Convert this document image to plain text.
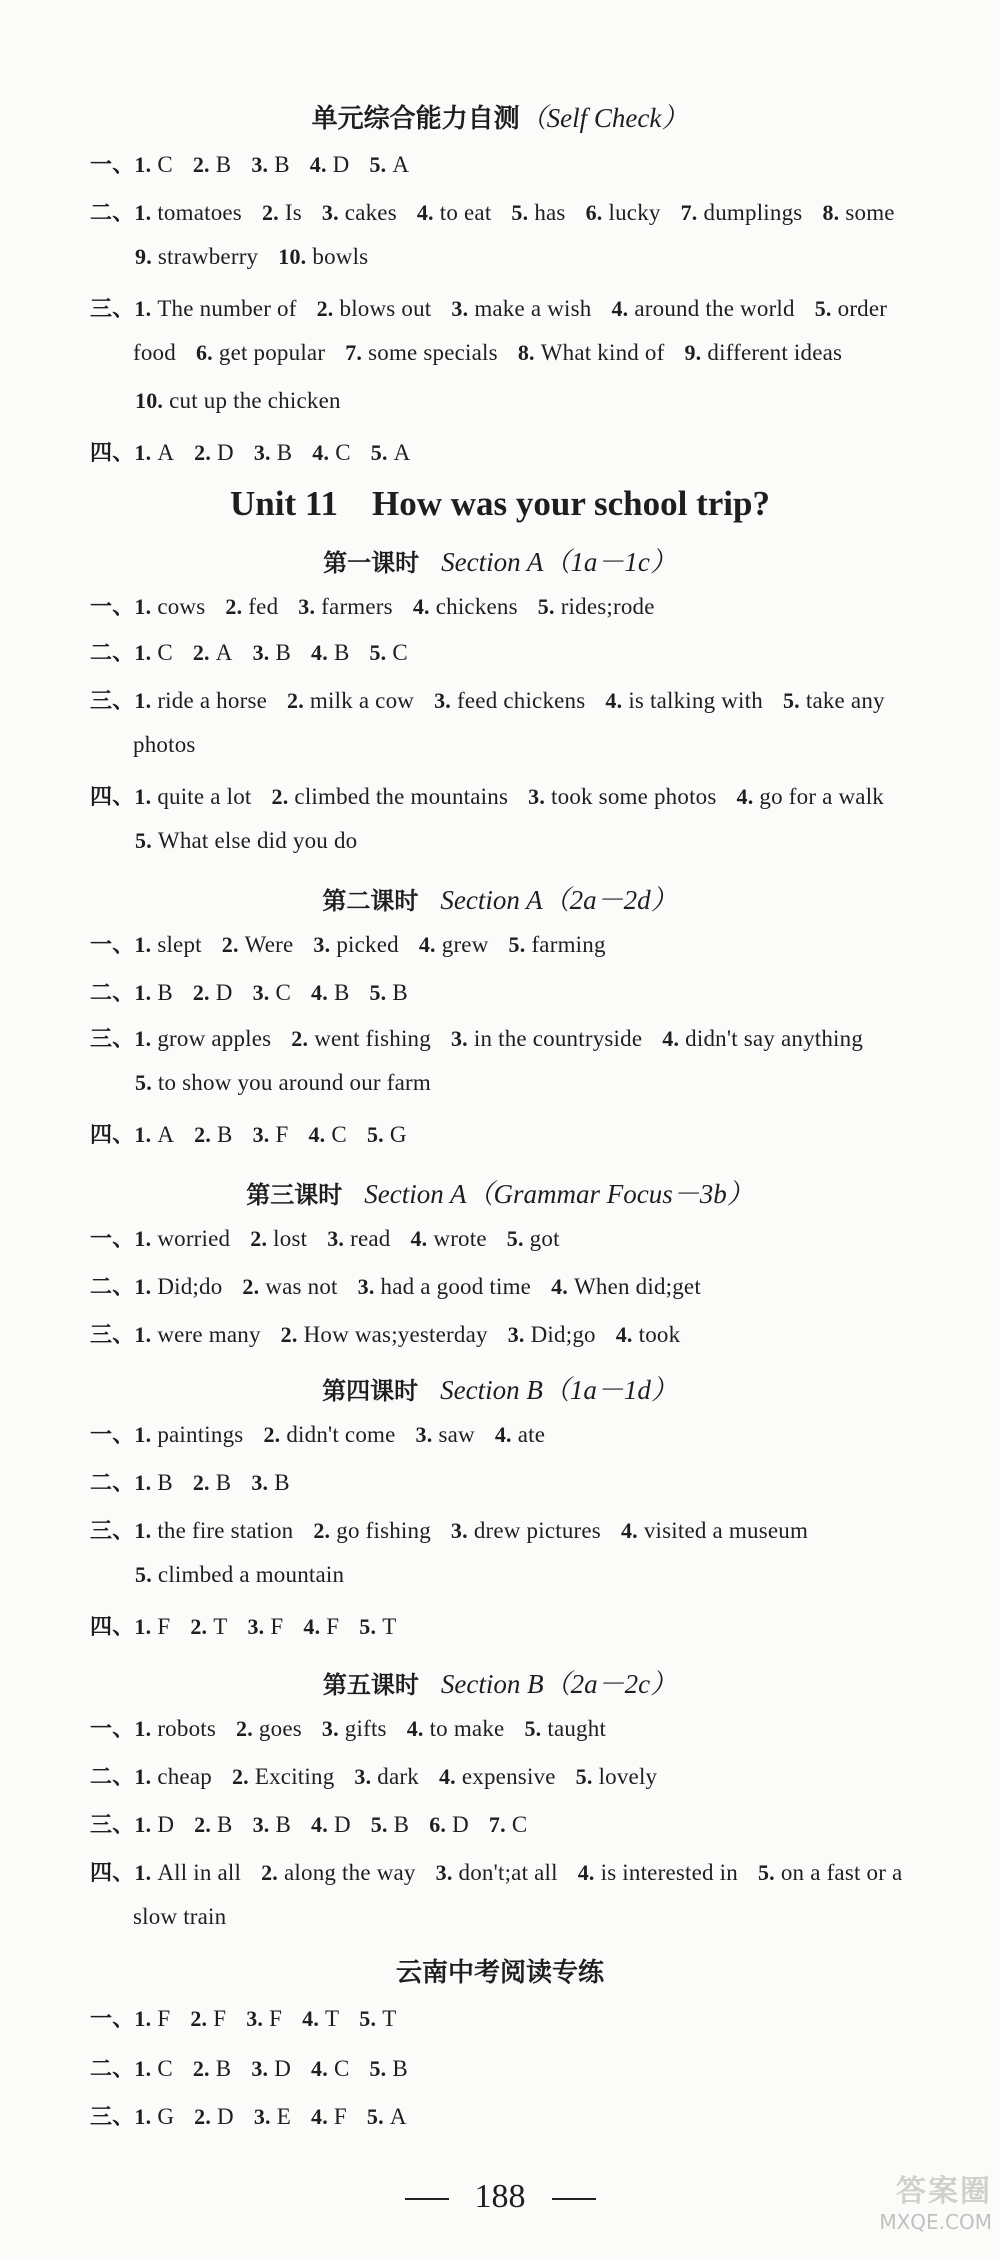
单元综合能力自测（Self Check）
一、1. C 2. B 3. B 4. D 5. A
二、1. tomatoes 2. Is 3. cakes 4. to eat 5. has 6. lucky 7. dumplings 8. some
9. strawberry 10. bowls
三、1. The number of 2. blows out 3. make a wish 4. around the world 5. order
food 6. get popular 7. some specials 8. What kind of 9. different ideas
10. cut up the chicken
四、1. A 2. D 3. B 4. C 5. A
Unit 11 How was your school trip?
第一课时 Section A（1a－1c）
一、1. cows 2. fed 3. farmers 4. chickens 5. rides;rode
二、1. C 2. A 3. B 4. B 5. C
三、1. ride a horse 2. milk a cow 3. feed chickens 4. is talking with 5. take any
photos
四、1. quite a lot 2. climbed the mountains 3. took some photos 4. go for a walk
5. What else did you do
第二课时 Section A（2a－2d）
一、1. slept 2. Were 3. picked 4. grew 5. farming
二、1. B 2. D 3. C 4. B 5. B
三、1. grow apples 2. went fishing 3. in the countryside 4. didn't say anything
5. to show you around our farm
四、1. A 2. B 3. F 4. C 5. G
第三课时 Section A（Grammar Focus－3b）
一、1. worried 2. lost 3. read 4. wrote 5. got
二、1. Did;do 2. was not 3. had a good time 4. When did;get
三、1. were many 2. How was;yesterday 3. Did;go 4. took
第四课时 Section B（1a－1d）
一、1. paintings 2. didn't come 3. saw 4. ate
二、1. B 2. B 3. B
三、1. the fire station 2. go fishing 3. drew pictures 4. visited a museum
5. climbed a mountain
四、1. F 2. T 3. F 4. F 5. T
第五课时 Section B（2a－2c）
一、1. robots 2. goes 3. gifts 4. to make 5. taught
二、1. cheap 2. Exciting 3. dark 4. expensive 5. lovely
三、1. D 2. B 3. B 4. D 5. B 6. D 7. C
四、1. All in all 2. along the way 3. don't;at all 4. is interested in 5. on a fast or a
slow train
云南中考阅读专练
一、1. F 2. F 3. F 4. T 5. T
二、1. C 2. B 3. D 4. C 5. B
三、1. G 2. D 3. E 4. F 5. A
188	答案圈
MXQE.COM
